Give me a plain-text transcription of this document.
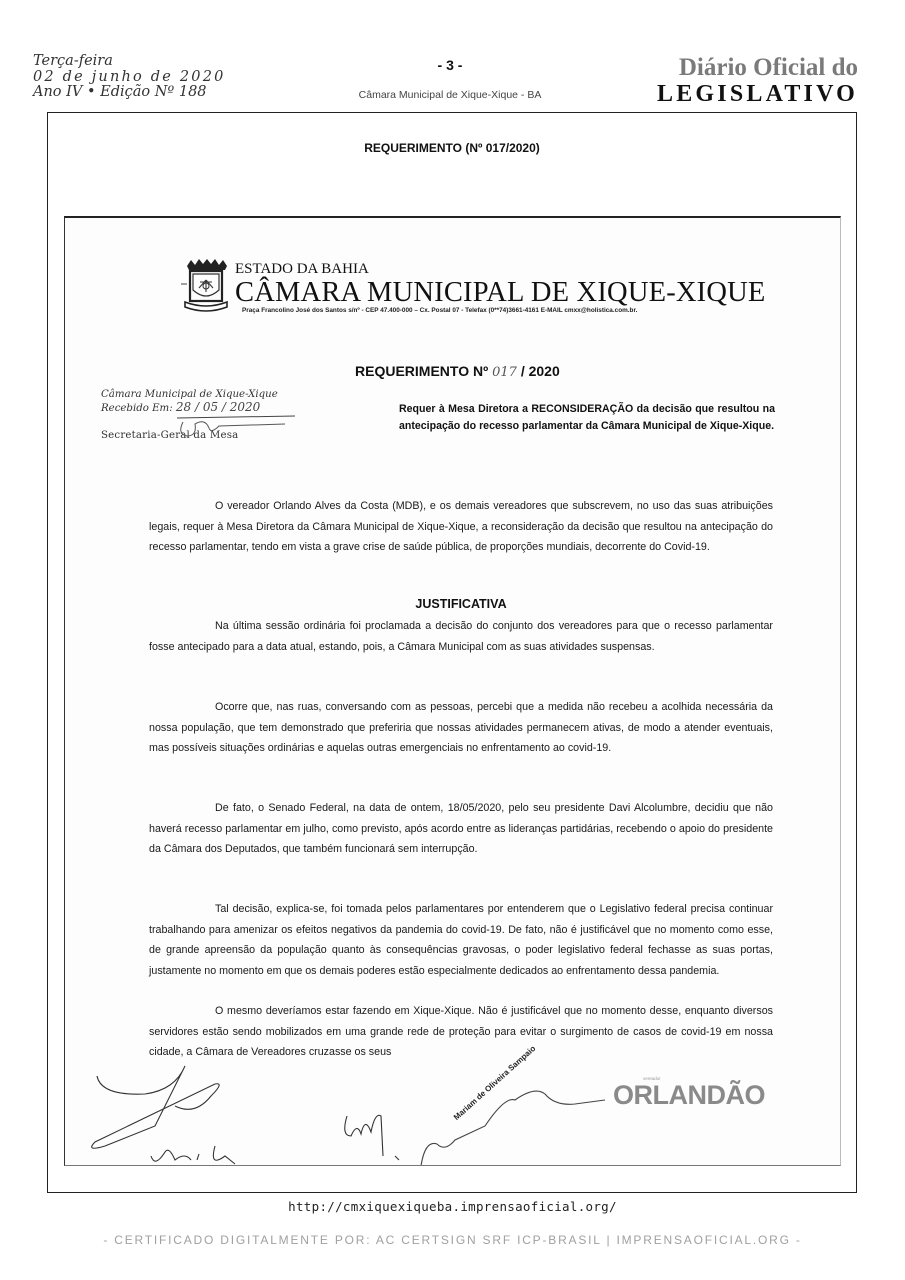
Terça-feira
02 de junho de 2020
Ano IV • Edição Nº 188
- 3 -
Câmara Municipal de Xique-Xique - BA
Diário Oficial do
LEGISLATIVO
REQUERIMENTO (Nº 017/2020)
ESTADO DA BAHIA
CÂMARA MUNICIPAL DE XIQUE-XIQUE
Praça Francolino José dos Santos s/nº - CEP 47.400-000 – Cx. Postal 07 - Telefax (0**74)3661-4161 E-MAIL cmxx@holistica.com.br.
REQUERIMENTO Nº 017 / 2020
Câmara Municipal de Xique-Xique
Recebido Em: 28 / 05 / 2020
Secretaria-Geral da Mesa
Requer à Mesa Diretora a RECONSIDERAÇÃO da decisão que resultou na antecipação do recesso parlamentar da Câmara Municipal de Xique-Xique.
O vereador Orlando Alves da Costa (MDB), e os demais vereadores que subscrevem, no uso das suas atribuições legais, requer à Mesa Diretora da Câmara Municipal de Xique-Xique, a reconsideração da decisão que resultou na antecipação do recesso parlamentar, tendo em vista a grave crise de saúde pública, de proporções mundiais, decorrente do Covid-19.
JUSTIFICATIVA
Na última sessão ordinária foi proclamada a decisão do conjunto dos vereadores para que o recesso parlamentar fosse antecipado para a data atual, estando, pois, a Câmara Municipal com as suas atividades suspensas.
Ocorre que, nas ruas, conversando com as pessoas, percebi que a medida não recebeu a acolhida necessária da nossa população, que tem demonstrado que preferiria que nossas atividades permanecem ativas, de modo a atender eventuais, mas possíveis situações ordinárias e aquelas outras emergenciais no enfrentamento ao covid-19.
De fato, o Senado Federal, na data de ontem, 18/05/2020, pelo seu presidente Davi Alcolumbre, decidiu que não haverá recesso parlamentar em julho, como previsto, após acordo entre as lideranças partidárias, recebendo o apoio do presidente da Câmara dos Deputados, que também funcionará sem interrupção.
Tal decisão, explica-se, foi tomada pelos parlamentares por entenderem que o Legislativo federal precisa continuar trabalhando para amenizar os efeitos negativos da pandemia do covid-19. De fato, não é justificável que no momento como esse, de grande apreensão da população quanto às consequências gravosas, o poder legislativo federal fechasse as suas portas, justamente no momento em que os demais poderes estão especialmente dedicados ao enfrentamento dessa pandemia.
O mesmo deveríamos estar fazendo em Xique-Xique. Não é justificável que no momento desse, enquanto diversos servidores estão sendo mobilizados em uma grande rede de proteção para evitar o surgimento de casos de covid-19 em nossa cidade, a Câmara de Vereadores cruzasse os seus	Mariam de Oliveira Sampaio	vereador
ORLANDÃO
http://cmxiquexiqueba.imprensaoficial.org/
- CERTIFICADO DIGITALMENTE POR: AC CERTSIGN SRF ICP-BRASIL | IMPRENSAOFICIAL.ORG -
